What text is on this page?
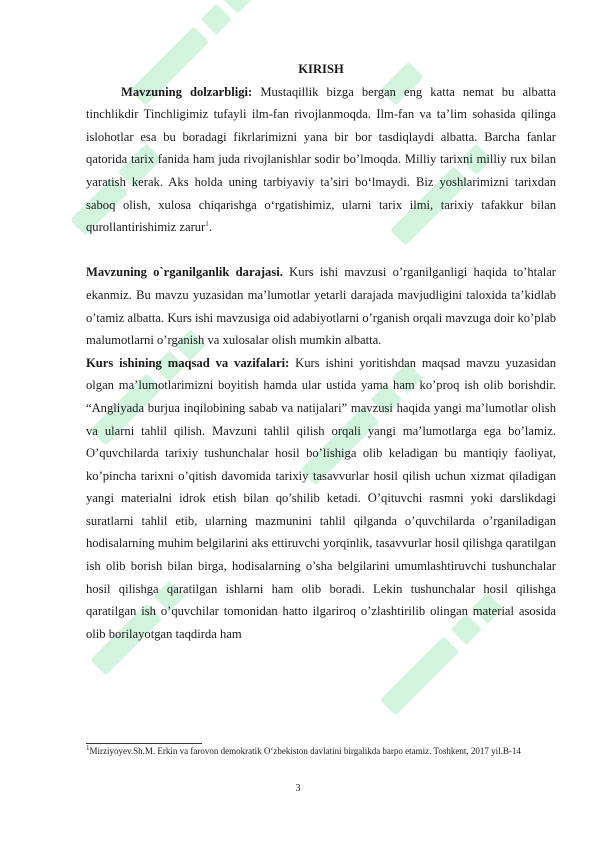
KIRISH

Mavzuning dolzarbligi: Mustaqillik bizga bergan eng katta nemat bu albatta tinchlikdir Tinchligimiz tufayli ilm-fan rivojlanmoqda. Ilm-fan va ta’lim sohasida qilinga islohotlar esa bu boradagi fikrlarimizni yana bir bor tasdiqlaydi albatta. Barcha fanlar qatorida tarix fanida ham juda rivojlanishlar sodir bo’lmoqda. Milliy tarixni milliy rux bilan yaratish kerak. Aks holda uning tarbiyaviy ta’siri bo‘lmaydi. Biz yoshlarimizni tarixdan saboq olish, xulosa chiqarishga o‘rgatishimiz, ularni tarix ilmi, tarixiy tafakkur bilan qurollantirishimiz zarur$^1$.

Mavzuning o`rganilganlik darajasi. Kurs ishi mavzusi o’rganilganligi haqida to’htalar ekanmiz. Bu mavzu yuzasidan ma’lumotlar yetarli darajada mavjudligini taloxida ta’kidlab o’tamiz albatta. Kurs ishi mavzusiga oid adabiyotlarni o’rganish orqali mavzuga doir ko’plab malumotlarni o’rganish va xulosalar olish mumkin albatta.

Kurs ishining maqsad va vazifalari: Kurs ishini yoritishdan maqsad mavzu yuzasidan olgan ma’lumotlarimizni boyitish hamda ular ustida yama ham ko’proq ish olib borishdir. “Angliyada burjua inqilobining sabab va natijalari” mavzusi haqida yangi ma’lumotlar olish va ularni tahlil qilish. Mavzuni tahlil qilish orqali yangi ma’lumotlarga ega bo’lamiz. O’quvchilarda tarixiy tushunchalar hosil bo’lishiga olib keladigan bu mantiqiy faoliyat, ko’pincha tarixni o’qitish davomida tarixiy tasavvurlar hosil qilish uchun xizmat qiladigan yangi materialni idrok etish bilan qo’shilib ketadi. O’qituvchi rasmni yoki darslikdagi suratlarni tahlil etib, ularning mazmunini tahlil qilganda o’quvchilarda o’rganiladigan hodisalarning muhim belgilarini aks ettiruvchi yorqinlik, tasavvurlar hosil qilishga qaratilgan ish olib borish bilan birga, hodisalarning o’sha belgilarini umumlashtiruvchi tushunchalar hosil qilishga qaratilgan ishlarni ham olib boradi. Lekin tushunchalar hosil qilishga qaratilgan ish o’quvchilar tomonidan hatto ilgariroq o’zlashtirilib olingan material asosida olib borilayotgan taqdirda ham

$^1$Mirziyoyev.Sh.M. Erkin va farovon demokratik O‘zbekiston davlatini birgalikda barpo etamiz. Toshkent, 2017 yil.B-14
3
